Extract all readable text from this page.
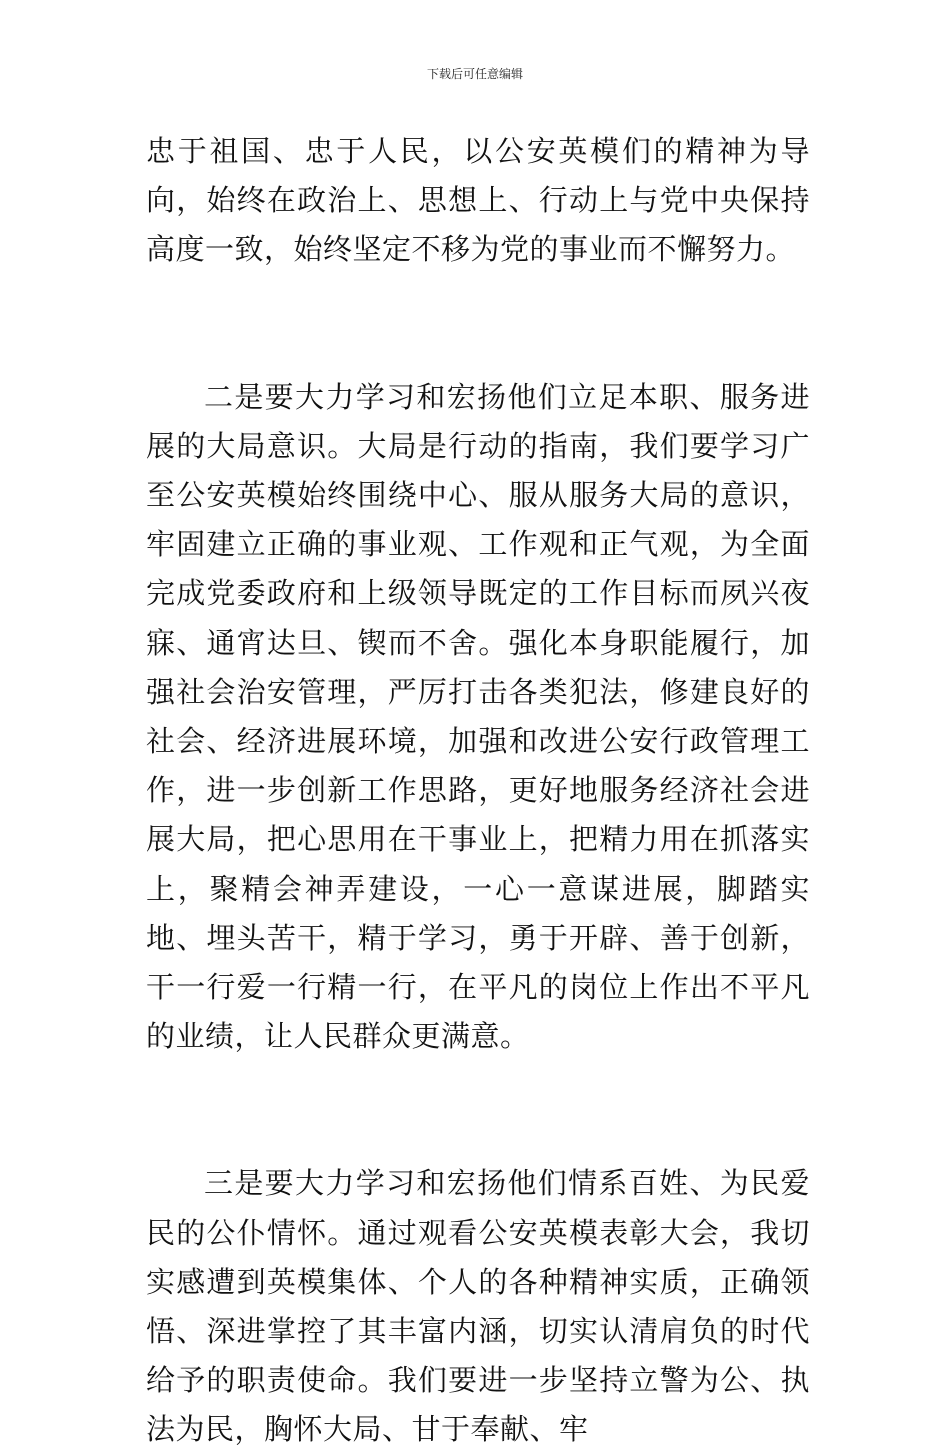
下载后可任意编辑

忠于祖国、忠于人民，以公安英模们的精神为导向，始终在政治上、思想上、行动上与党中央保持高度一致，始终坚定不移为党的事业而不懈努力。

二是要大力学习和宏扬他们立足本职、服务进展的大局意识。大局是行动的指南，我们要学习广至公安英模始终围绕中心、服从服务大局的意识，牢固建立正确的事业观、工作观和正气观，为全面完成党委政府和上级领导既定的工作目标而夙兴夜寐、通宵达旦、锲而不舍。强化本身职能履行，加强社会治安管理，严厉打击各类犯法，修建良好的社会、经济进展环境，加强和改进公安行政管理工作，进一步创新工作思路，更好地服务经济社会进展大局，把心思用在干事业上，把精力用在抓落实上，聚精会神弄建设，一心一意谋进展，脚踏实地、埋头苦干，精于学习，勇于开辟、善于创新，干一行爱一行精一行，在平凡的岗位上作出不平凡的业绩，让人民群众更满意。

三是要大力学习和宏扬他们情系百姓、为民爱民的公仆情怀。通过观看公安英模表彰大会，我切实感遭到英模集体、个人的各种精神实质，正确领悟、深进掌控了其丰富内涵，切实认清肩负的时代给予的职责使命。我们要进一步坚持立警为公、执法为民，胸怀大局、甘于奉献、牢
